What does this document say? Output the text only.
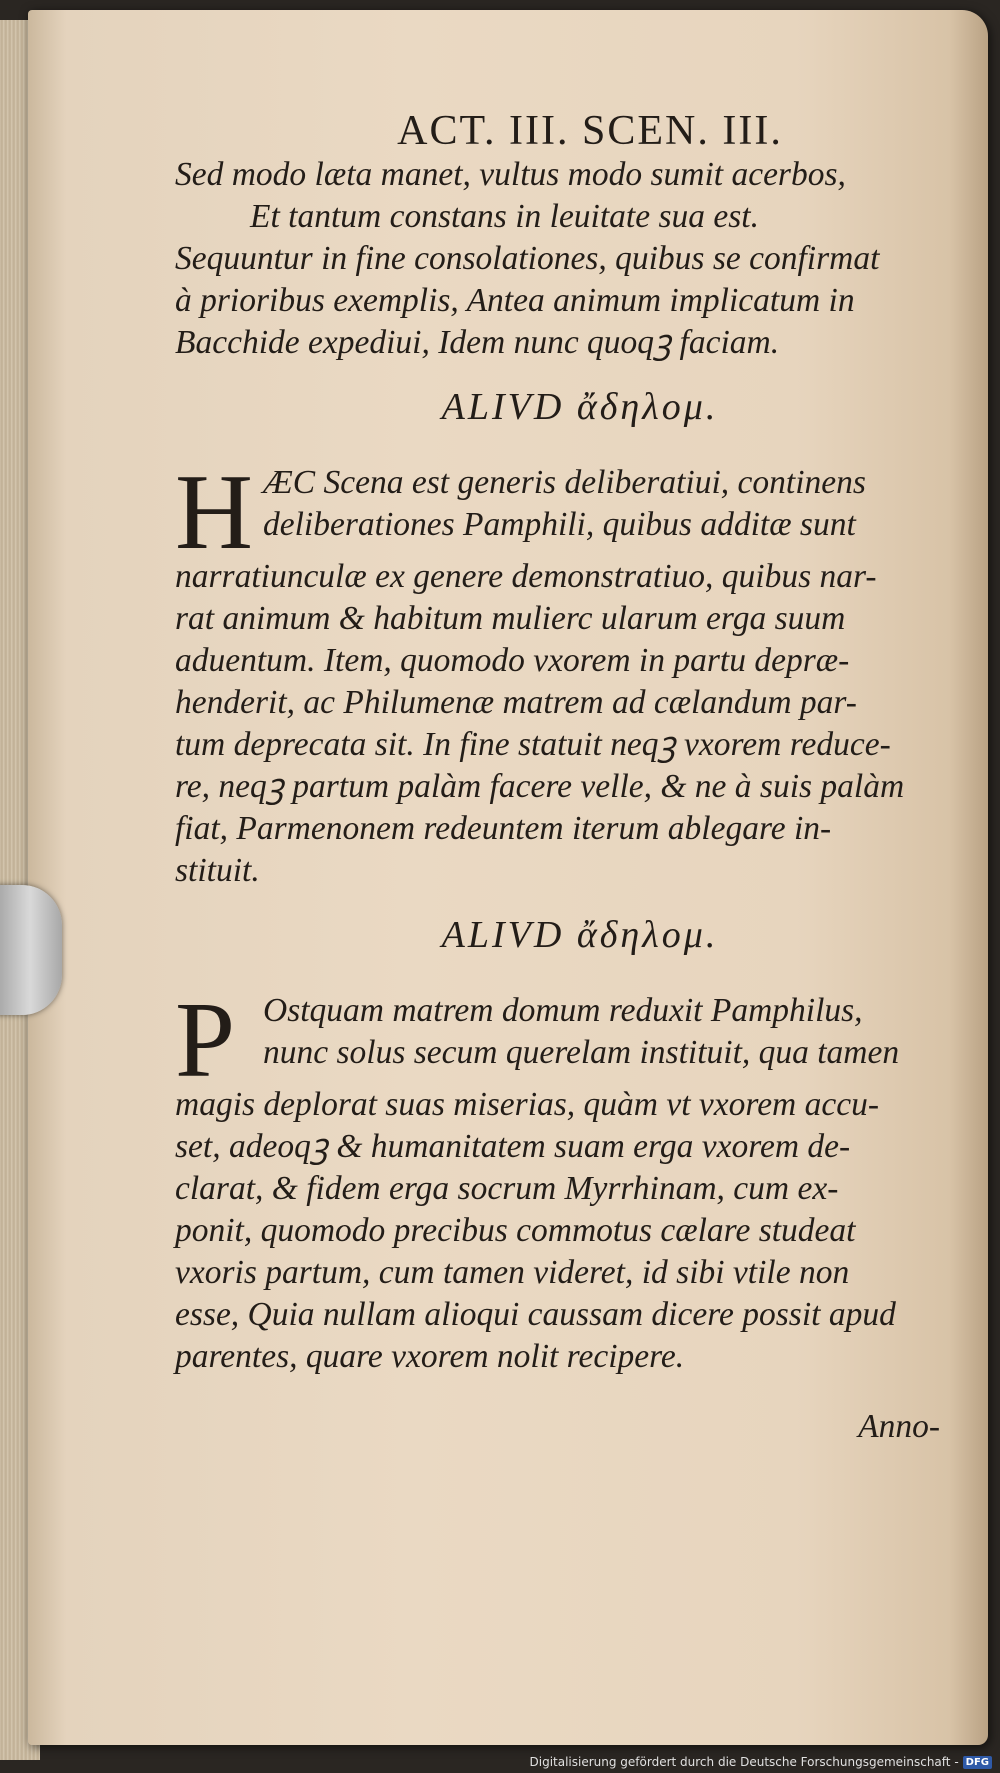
ACT. III. SCEN. III.
Sed modo læta manet, vultus modo sumit acerbos,
Et tantum constans in leuitate sua est.
Sequuntur in fine consolationes, quibus se confirmat
à prioribus exemplis, Antea animum implicatum in
Bacchide expediui, Idem nunc quoqꝫ faciam.
ALIVD ἄδηλομ.
H ÆC Scena est generis deliberatiui, continens
deliberationes Pamphili, quibus additæ sunt
narratiunculæ ex genere demonstratiuo, quibus nar-
rat animum & habitum mulierc ularum erga suum
aduentum. Item, quomodo vxorem in partu depræ-
henderit, ac Philumenæ matrem ad cælandum par-
tum deprecata sit. In fine statuit neqꝫ vxorem reduce-
re, neqꝫ partum palàm facere velle, & ne à suis palàm
fiat, Parmenonem redeuntem iterum ablegare in-
stituit.
ALIVD ἄδηλομ.
P Ostquam matrem domum reduxit Pamphilus,
nunc solus secum querelam instituit, qua tamen
magis deplorat suas miserias, quàm vt vxorem accu-
set, adeoqꝫ & humanitatem suam erga vxorem de-
clarat, & fidem erga socrum Myrrhinam, cum ex-
ponit, quomodo precibus commotus cælare studeat
vxoris partum, cum tamen videret, id sibi vtile non
esse, Quia nullam alioqui caussam dicere possit apud
parentes, quare vxorem nolit recipere.
Anno-
Digitalisierung gefördert durch die Deutsche Forschungsgemeinschaft - DFG
